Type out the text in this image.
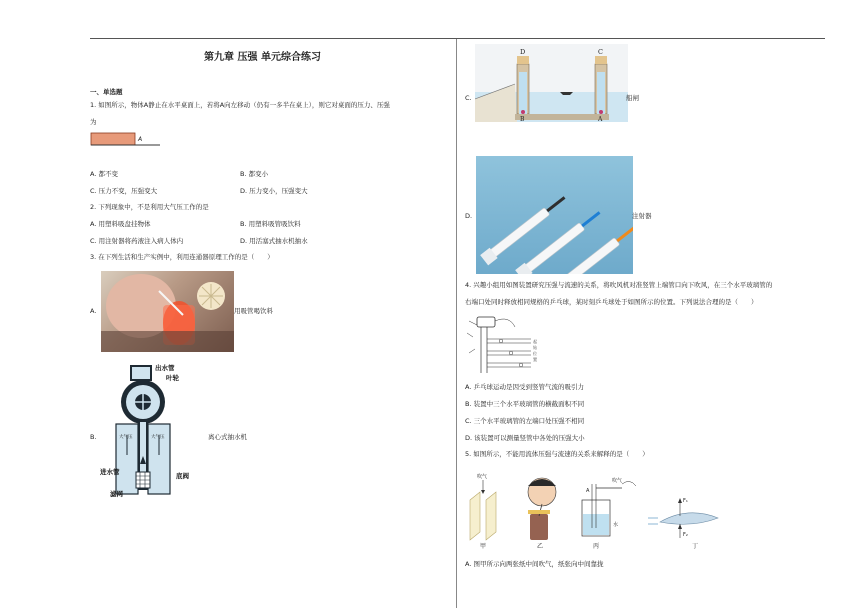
第九章 压强 单元综合练习
一、单选题
1. 如图所示，物体A静止在水平桌面上，若将A向左移动（仍有一多半在桌上），则它对桌面的压力、压强
为
A
A. 都不变	B. 都变小
C. 压力不变，压强变大	D. 压力变小，压强变大
2. 下列现象中，不是利用大气压工作的是
A. 用塑料吸盘挂物体	B. 用塑料吸管吸饮料
C. 用注射器将药液注入病人体内	D. 用活塞式抽水机抽水
3. 在下列生活和生产实例中，利用连通器原理工作的是（　　）
A.	用吸管喝饮料
B.
出水管
叶轮
进水管	底阀
滤网
大气压	大气压	离心式抽水机
C.
D	C
B	A
船闸
D.	注射器
4. 兴趣小组用如图装置研究压强与流速的关系，将吹风机对准竖管上端管口向下吹风，在三个水平玻璃管的
右端口处同时释放相同规格的乒乓球，某时刻乒乓球处于如图所示的位置。下列说法合理的是（　　）
起
始
位
置
A. 乒乓球运动是因受到竖管气流的吸引力
B. 装置中三个水平玻璃管的横截面积不同
C. 三个水平玻璃管的左端口处压强不相同
D. 该装置可以测量竖管中各处的压强大小
5. 如图所示，不能用流体压强与流速的关系来解释的是（　　）
吹气
甲	乙
A
吹气
水
丙
F₁
F₂
丁
A. 图甲所示向两张纸中间吹气，纸张向中间靠拢
